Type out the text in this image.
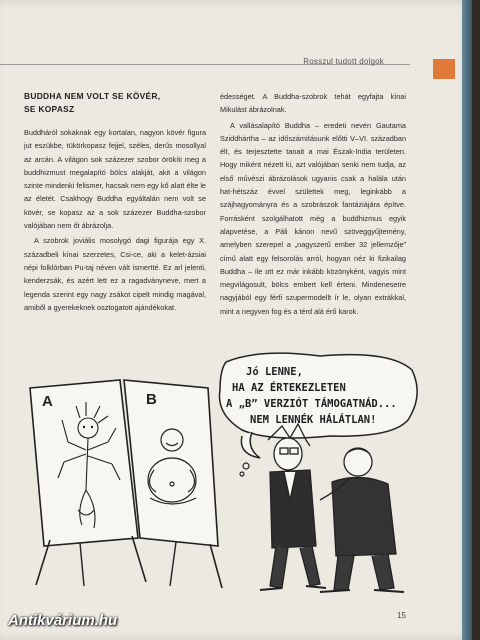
Rosszul tudott dolgok
BUDDHA NEM VOLT SE KÖVÉR,
SE KOPASZ

Buddháról sokaknak egy kortalan, nagyon kövér figura jut eszükbe, tükörkopasz fejjel, széles, derűs mosollyal az arcán. A világon sok százezer szobor örökíti meg a buddhizmust megalapító bölcs alakját, akit a világon szinte mindenki felismer, hacsak nem egy kő alatt élte le az életét. Csakhogy Buddha egyáltalán nem volt se kövér, se kopasz az a sok százezer Buddha-szobor valójában nem őt ábrázolja.

A szobrok joviális mosolygó dagi figurája egy X. századbeli kínai szerzetes, Csi-ce, aki a kelet-ázsiai népi folklórban Pu-taj néven vált ismertté. Ez arl jelenti, kenderzsák, és azért lett ez a ragadványneve, mert a legenda szerint egy nagy zsákot cipelt mindig magával, amiből a gyerekeknek osztogatott ajándékokat.

édességet. A Buddha-szobrok tehát egyfajta kínai Mikulást ábrázolnak.

A vallásalapító Buddha – eredeti nevén Gautama Sziddhártha – az időszámításunk előtti V–VI. században élt, és terjesztette tanait a mai Észak-India területen. Hogy miként nézett ki, azt valójában senki nem tudja, az első művészi ábrázolások ugyanis csak a halála után hat-hétszáz évvel születtek meg, leginkább a szájhagyományra és a szobrászok fantáziájára építve. Forrásként szolgálhatott még a buddhizmus egyik alapvetése, a Páli kánon nevű szöveggyűjtemény, amelyben szerepel a „nagyszerű ember 32 jellemzője” című alatt egy felsorolás arról, hogyan néz ki fizikailag Buddha – ile ott ez már inkább közönyként, vagyis mint megvilágosult, bölcs embert kell érteni. Mindenesetre nagyjából egy férfi szupermodellt ír le, olyan extrákkal, mint a negyven fog és a térd alá érő karok.

A	B
Jó LENNE,
HA AZ ÉRTEKEZLETEN
A „B” VERZIÓT TÁMOGATNÁD...
NEM LENNÉK HÁLÁTLAN!
15
Antikvárium.hu
